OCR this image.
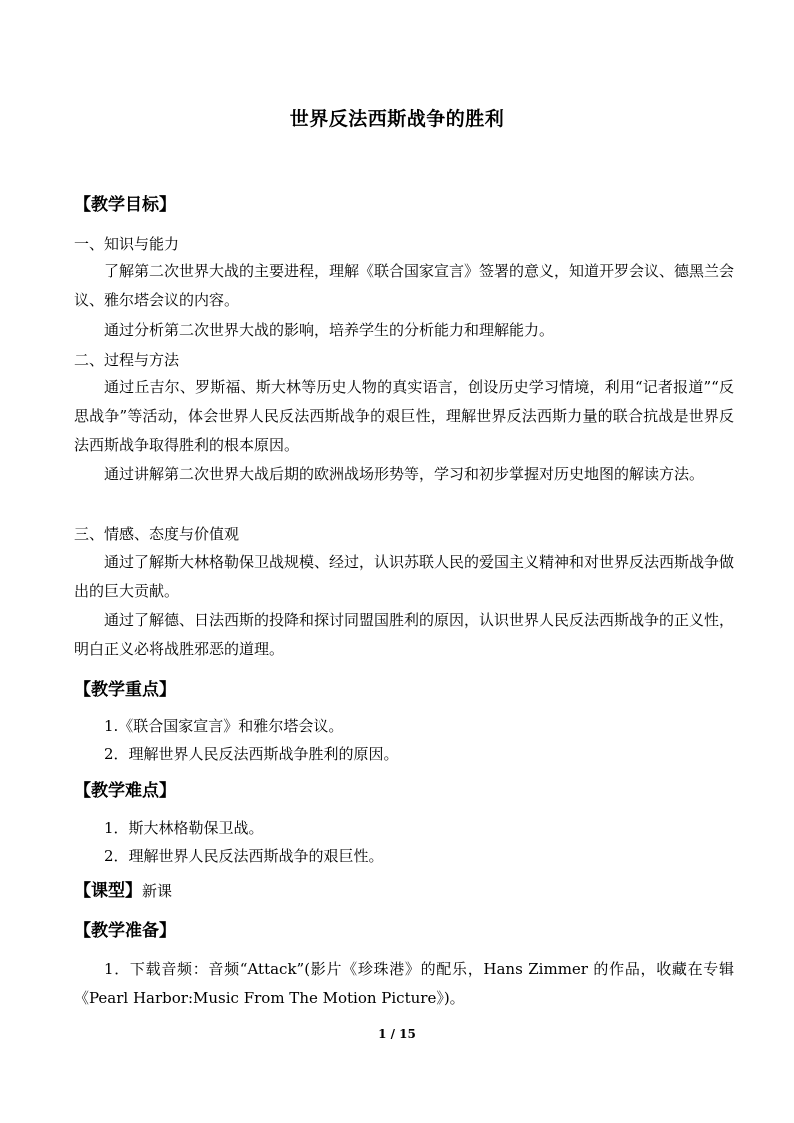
世界反法西斯战争的胜利
【教学目标】
一、知识与能力

了解第二次世界大战的主要进程，理解《联合国家宣言》签署的意义，知道开罗会议、德黑兰会议、雅尔塔会议的内容。

通过分析第二次世界大战的影响，培养学生的分析能力和理解能力。

二、过程与方法

通过丘吉尔、罗斯福、斯大林等历史人物的真实语言，创设历史学习情境，利用“记者报道”“反思战争”等活动，体会世界人民反法西斯战争的艰巨性，理解世界反法西斯力量的联合抗战是世界反法西斯战争取得胜利的根本原因。

通过讲解第二次世界大战后期的欧洲战场形势等，学习和初步掌握对历史地图的解读方法。

三、情感、态度与价值观

通过了解斯大林格勒保卫战规模、经过，认识苏联人民的爱国主义精神和对世界反法西斯战争做出的巨大贡献。

通过了解德、日法西斯的投降和探讨同盟国胜利的原因，认识世界人民反法西斯战争的正义性，明白正义必将战胜邪恶的道理。

【教学重点】
1.《联合国家宣言》和雅尔塔会议。
2．理解世界人民反法西斯战争胜利的原因。
【教学难点】
1．斯大林格勒保卫战。
2．理解世界人民反法西斯战争的艰巨性。
【课型】新课
【教学准备】

1．下载音频：音频“Attack”(影片《珍珠港》的配乐，Hans Zimmer 的作品，收藏在专辑《Pearl Harbor:Music From The Motion Picture》)。

1 / 15
